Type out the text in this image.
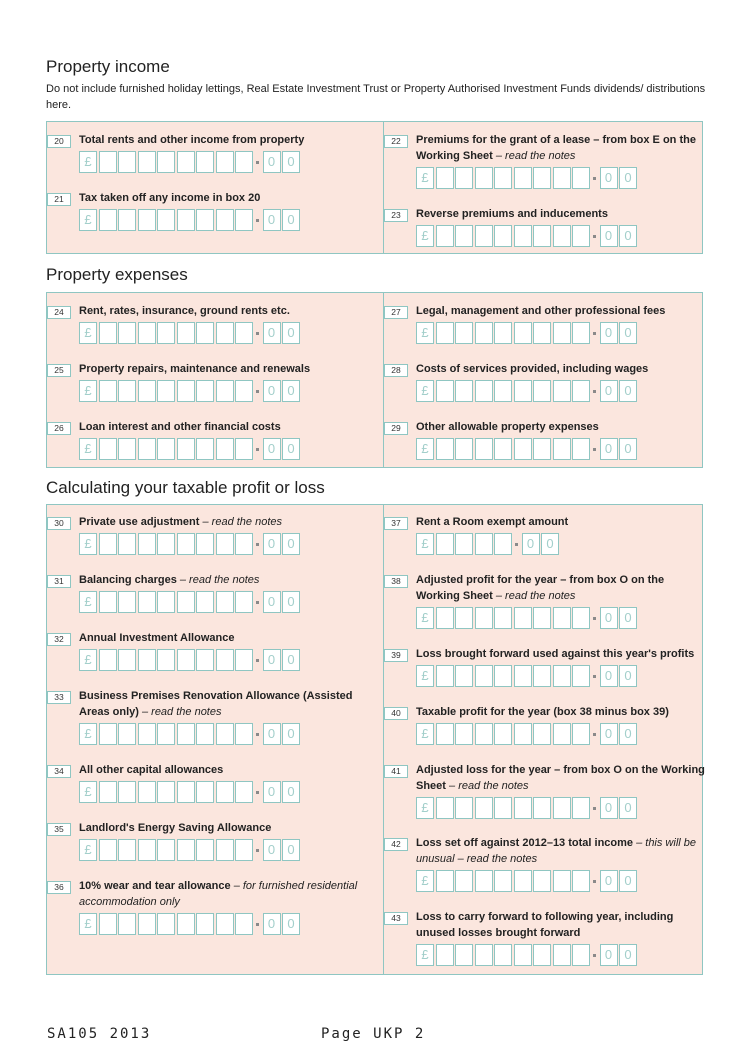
Property income
Do not include furnished holiday lettings, Real Estate Investment Trust or Property Authorised Investment Funds dividends/ distributions here.
20	Total rents and other income from property
£	0 0
21	Tax taken off any income in box 20
£	0 0
22	Premiums for the grant of a lease – from box E on the Working Sheet – read the notes
£	0 0
23	Reverse premiums and inducements
£	0 0
Property expenses
24	Rent, rates, insurance, ground rents etc.
£	0 0
25	Property repairs, maintenance and renewals
£	0 0
26	Loan interest and other financial costs
£	0 0
27	Legal, management and other professional fees
£	0 0
28	Costs of services provided, including wages
£	0 0
29	Other allowable property expenses
£	0 0
Calculating your taxable profit or loss
30	Private use adjustment – read the notes
£	0 0
31	Balancing charges – read the notes
£	0 0
32	Annual Investment Allowance
£	0 0
33	Business Premises Renovation Allowance (Assisted Areas only) – read the notes
£	0 0
34	All other capital allowances
£	0 0
35	Landlord's Energy Saving Allowance
£	0 0
36	10% wear and tear allowance – for furnished residential accommodation only
£	0 0
37	Rent a Room exempt amount
£	0 0
38	Adjusted profit for the year – from box O on the Working Sheet – read the notes
£	0 0
39	Loss brought forward used against this year's profits
£	0 0
40	Taxable profit for the year (box 38 minus box 39)
£	0 0
41	Adjusted loss for the year – from box O on the Working Sheet – read the notes
£	0 0
42	Loss set off against 2012–13 total income – this will be unusual – read the notes
£	0 0
43	Loss to carry forward to following year, including unused losses brought forward
£	0 0
SA105 2013	Page UKP 2
